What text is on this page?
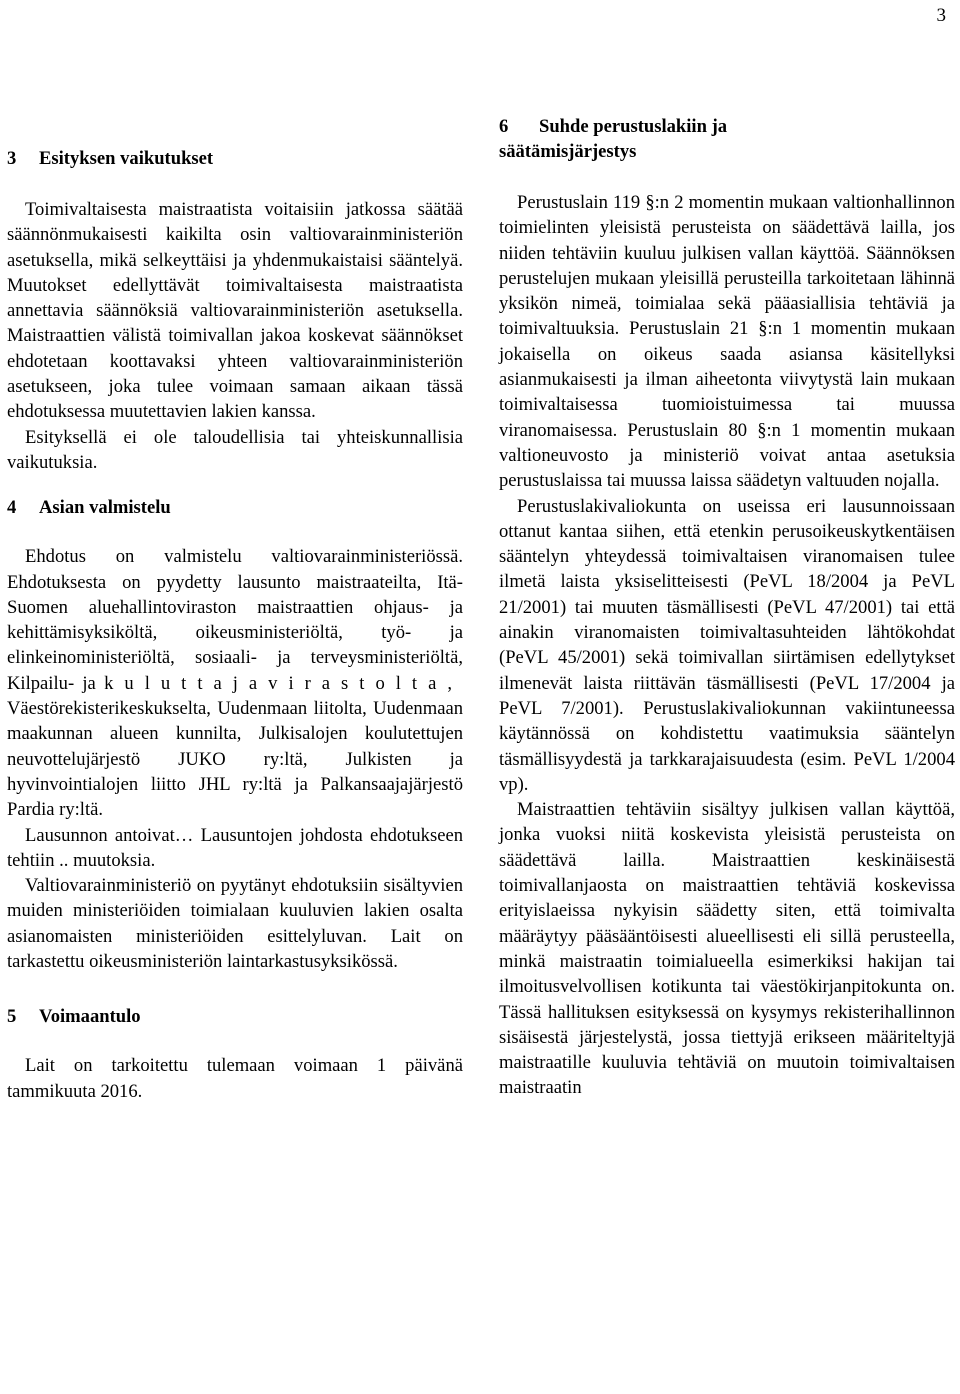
3
3 Esityksen vaikutukset

Toimivaltaisesta maistraatista voitaisiin jatkossa säätää säännönmukaisesti kaikilta osin valtiovarainministeriön asetuksella, mikä selkeyttäisi ja yhdenmukaistaisi sääntelyä. Muutokset edellyttävät toimivaltaisesta maistraatista annettavia säännöksiä valtiovarainministeriön asetuksella. Maistraattien välistä toimivallan jakoa koskevat säännökset ehdotetaan koottavaksi yhteen valtiovarainministeriön asetukseen, joka tulee voimaan samaan aikaan tässä ehdotuksessa muutettavien lakien kanssa.

Esityksellä ei ole taloudellisia tai yhteiskunnallisia vaikutuksia.

4 Asian valmistelu

Ehdotus on valmistelu valtiovarainministeriössä. Ehdotuksesta on pyydetty lausunto maistraateilta, Itä-Suomen aluehallintoviraston maistraattien ohjaus- ja kehittämisyksiköltä, oikeusministeriöltä, työ- ja elinkeinoministeriöltä, sosiaali- ja terveysministeriöltä, Kilpailu- ja kuluttajavirastolta, Väestörekisterikeskukselta, Uudenmaan liitolta, Uudenmaan maakunnan alueen kunnilta, Julkisalojen koulutettujen neuvottelujärjestö JUKO ry:ltä, Julkisten ja hyvinvointialojen liitto JHL ry:ltä ja Palkansaajajärjestö Pardia ry:ltä.

Lausunnon antoivat… Lausuntojen johdosta ehdotukseen tehtiin .. muutoksia.

Valtiovarainministeriö on pyytänyt ehdotuksiin sisältyvien muiden ministeriöiden toimialaan kuuluvien lakien osalta asianomaisten ministeriöiden esittelyluvan. Lait on tarkastettu oikeusministeriön laintarkastusyksikössä.

5 Voimaantulo

Lait on tarkoitettu tulemaan voimaan 1 päivänä tammikuuta 2016.

6 Suhde perustuslakiin ja
säätämisjärjestys

Perustuslain 119 §:n 2 momentin mukaan valtionhallinnon toimielinten yleisistä perusteista on säädettävä lailla, jos niiden tehtäviin kuuluu julkisen vallan käyttöä. Säännöksen perustelujen mukaan yleisillä perusteilla tarkoitetaan lähinnä yksikön nimeä, toimialaa sekä pääasiallisia tehtäviä ja toimivaltuuksia. Perustuslain 21 §:n 1 momentin mukaan jokaisella on oikeus saada asiansa käsitellyksi asianmukaisesti ja ilman aiheetonta viivytystä lain mukaan toimivaltaisessa tuomioistuimessa tai muussa viranomaisessa. Perustuslain 80 §:n 1 momentin mukaan valtioneuvosto ja ministeriö voivat antaa asetuksia perustuslaissa tai muussa laissa säädetyn valtuuden nojalla.

Perustuslakivaliokunta on useissa eri lausunnoissaan ottanut kantaa siihen, että etenkin perusoikeuskytkentäisen sääntelyn yhteydessä toimivaltaisen viranomaisen tulee ilmetä laista yksiselitteisesti (PeVL 18/2004 ja PeVL 21/2001) tai muuten täsmällisesti (PeVL 47/2001) tai että ainakin viranomaisten toimivaltasuhteiden lähtökohdat (PeVL 45/2001) sekä toimivallan siirtämisen edellytykset ilmenevät laista riittävän täsmällisesti (PeVL 17/2004 ja PeVL 7/2001). Perustuslakivaliokunnan vakiintuneessa käytännössä on kohdistettu vaatimuksia sääntelyn täsmällisyydestä ja tarkkarajaisuudesta (esim. PeVL 1/2004 vp).

Maistraattien tehtäviin sisältyy julkisen vallan käyttöä, jonka vuoksi niitä koskevista yleisistä perusteista on säädettävä lailla. Maistraattien keskinäisestä toimivallanjaosta on maistraattien tehtäviä koskevissa erityislaeissa nykyisin säädetty siten, että toimivalta määräytyy pääsääntöisesti alueellisesti eli sillä perusteella, minkä maistraatin toimialueella esimerkiksi hakijan tai ilmoitusvelvollisen kotikunta tai väestökirjanpitokunta on. Tässä hallituksen esityksessä on kysymys rekisterihallinnon sisäisestä järjestelystä, jossa tiettyjä erikseen määriteltyjä maistraatille kuuluvia tehtäviä on muutoin toimivaltaisen maistraatin
